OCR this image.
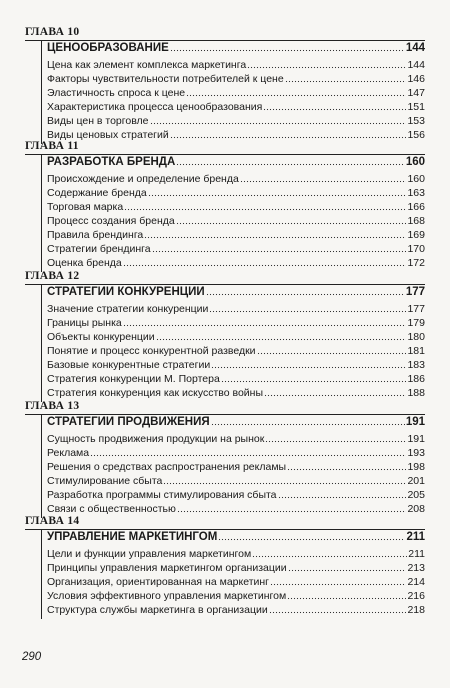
ГЛАВА 10
ЦЕНООБРАЗОВАНИЕ	144
Цена как элемент комплекса маркетинга	144
Факторы чувствительности потребителей к цене	146
Эластичность спроса к цене	147
Характеристика процесса ценообразования	151
Виды цен в торговле	153
Виды ценовых стратегий	156
ГЛАВА 11
РАЗРАБОТКА БРЕНДА	160
Происхождение и определение бренда	160
Содержание бренда	163
Торговая марка	166
Процесс создания бренда	168
Правила брендинга	169
Стратегии брендинга	170
Оценка бренда	172
ГЛАВА 12
СТРАТЕГИИ КОНКУРЕНЦИИ	177
Значение стратегии конкуренции	177
Границы рынка	179
Объекты конкуренции	180
Понятие и процесс конкурентной разведки	181
Базовые конкурентные стратегии	183
Стратегия конкуренции М. Портера	186
Стратегия конкуренция как искусство войны	188
ГЛАВА 13
СТРАТЕГИИ ПРОДВИЖЕНИЯ	191
Сущность продвижения продукции на рынок	191
Реклама	193
Решения о средствах распространения рекламы	198
Стимулирование сбыта	201
Разработка программы стимулирования сбыта	205
Связи с общественностью	208
ГЛАВА 14
УПРАВЛЕНИЕ МАРКЕТИНГОМ	211
Цели и функции управления маркетингом	211
Принципы управления маркетингом организации	213
Организация, ориентированная на маркетинг	214
Условия эффективного управления маркетингом	216
Структура службы маркетинга в организации	218
290
